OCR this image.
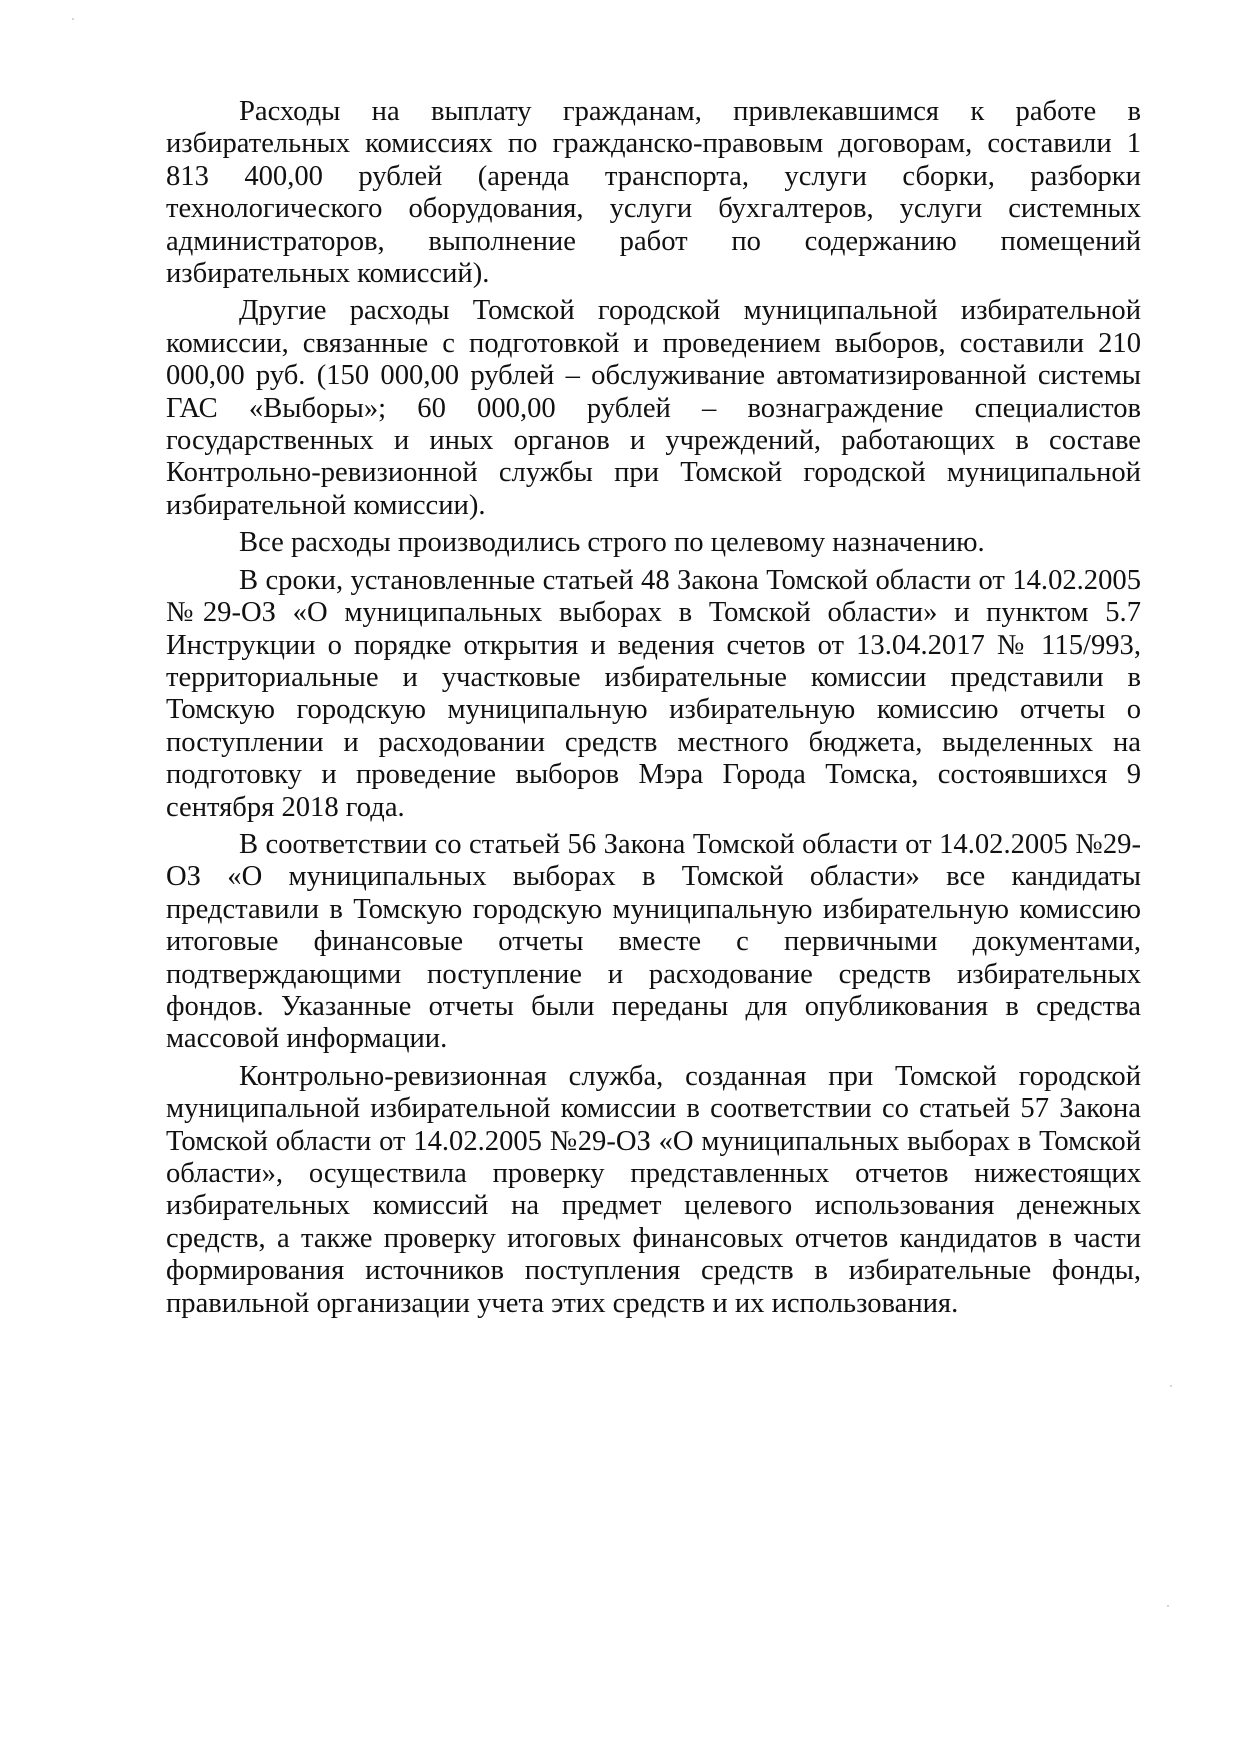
Расходы на выплату гражданам, привлекавшимся к работе в избирательных комиссиях по гражданско-правовым договорам, составили 1 813 400,00 рублей (аренда транспорта, услуги сборки, разборки технологического оборудования, услуги бухгалтеров, услуги системных администраторов, выполнение работ по содержанию помещений избирательных комиссий).

Другие расходы Томской городской муниципальной избирательной комиссии, связанные с подготовкой и проведением выборов, составили 210 000,00 руб. (150 000,00 рублей – обслуживание автоматизированной системы ГАС «Выборы»; 60 000,00 рублей – вознаграждение специалистов государственных и иных органов и учреждений, работающих в составе Контрольно-ревизионной службы при Томской городской муниципальной избирательной комиссии).

Все расходы производились строго по целевому назначению.

В сроки, установленные статьей 48 Закона Томской области от 14.02.2005 №29-ОЗ «О муниципальных выборах в Томской области» и пунктом 5.7 Инструкции о порядке открытия и ведения счетов от 13.04.2017 № 115/993, территориальные и участковые избирательные комиссии представили в Томскую городскую муниципальную избирательную комиссию отчеты о поступлении и расходовании средств местного бюджета, выделенных на подготовку и проведение выборов Мэра Города Томска, состоявшихся 9 сентября 2018 года.

В соответствии со статьей 56 Закона Томской области от 14.02.2005 №29-ОЗ «О муниципальных выборах в Томской области» все кандидаты представили в Томскую городскую муниципальную избирательную комиссию итоговые финансовые отчеты вместе с первичными документами, подтверждающими поступление и расходование средств избирательных фондов. Указанные отчеты были переданы для опубликования в средства массовой информации.

Контрольно-ревизионная служба, созданная при Томской городской муниципальной избирательной комиссии в соответствии со статьей 57 Закона Томской области от 14.02.2005 №29-ОЗ «О муниципальных выборах в Томской области», осуществила проверку представленных отчетов нижестоящих избирательных комиссий на предмет целевого использования денежных средств, а также проверку итоговых финансовых отчетов кандидатов в части формирования источников поступления средств в избирательные фонды, правильной организации учета этих средств и их использования.
